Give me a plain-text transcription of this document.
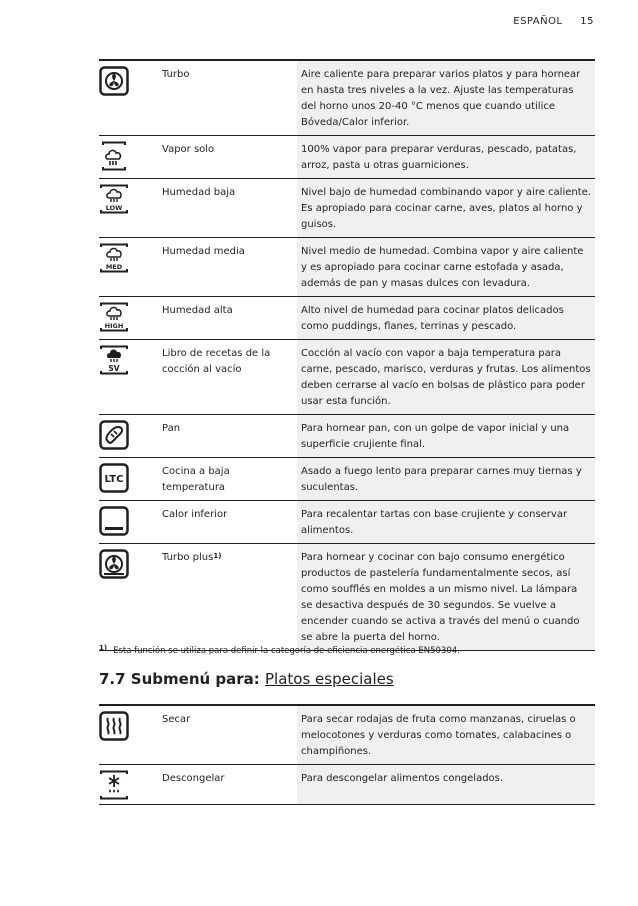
ESPAÑOL 15
	Turbo	Aire caliente para preparar varios platos y para hornear en hasta tres niveles a la vez. Ajuste las temperaturas del horno unos 20-40 °C menos que cuando utilice Bóveda/Calor inferior.

	Vapor solo	100% vapor para preparar verduras, pescado, patatas, arroz, pasta u otras guarniciones.

LOW	Humedad baja	Nivel bajo de humedad combinando vapor y aire caliente. Es apropiado para cocinar carne, aves, platos al horno y guisos.

MED	Humedad media	Nivel medio de humedad. Combina vapor y aire caliente y es apropiado para cocinar carne estofada y asada, además de pan y masas dulces con levadura.

HIGH	Humedad alta	Alto nivel de humedad para cocinar platos delicados como puddings, flanes, terrinas y pescado.

SV	Libro de recetas de la cocción al vacío	Cocción al vacío con vapor a baja temperatura para carne, pescado, marisco, verduras y frutas. Los alimentos deben cerrarse al vacío en bolsas de plástico para poder usar esta función.

	Pan	Para hornear pan, con un golpe de vapor inicial y una superficie crujiente final.

LTC	Cocina a baja temperatura	Asado a fuego lento para preparar carnes muy tiernas y suculentas.

	Calor inferior	Para recalentar tartas con base crujiente y conservar alimentos.

	Turbo plus$^{1)}$	Para hornear y cocinar con bajo consumo energético productos de pastelería fundamentalmente secos, así como soufflés en moldes a un mismo nivel. La lámpara se desactiva después de 30 segundos. Se vuelve a encender cuando se activa a través del menú o cuando se abre la puerta del horno.
$^{1)}$ Esta función se utiliza para definir la categoría de eficiencia energética EN50304.
7.7 Submenú para: Platos especiales
	Secar	Para secar rodajas de fruta como manzanas, ciruelas o melocotones y verduras como tomates, calabacines o champiñones.

	Descongelar	Para descongelar alimentos congelados.
